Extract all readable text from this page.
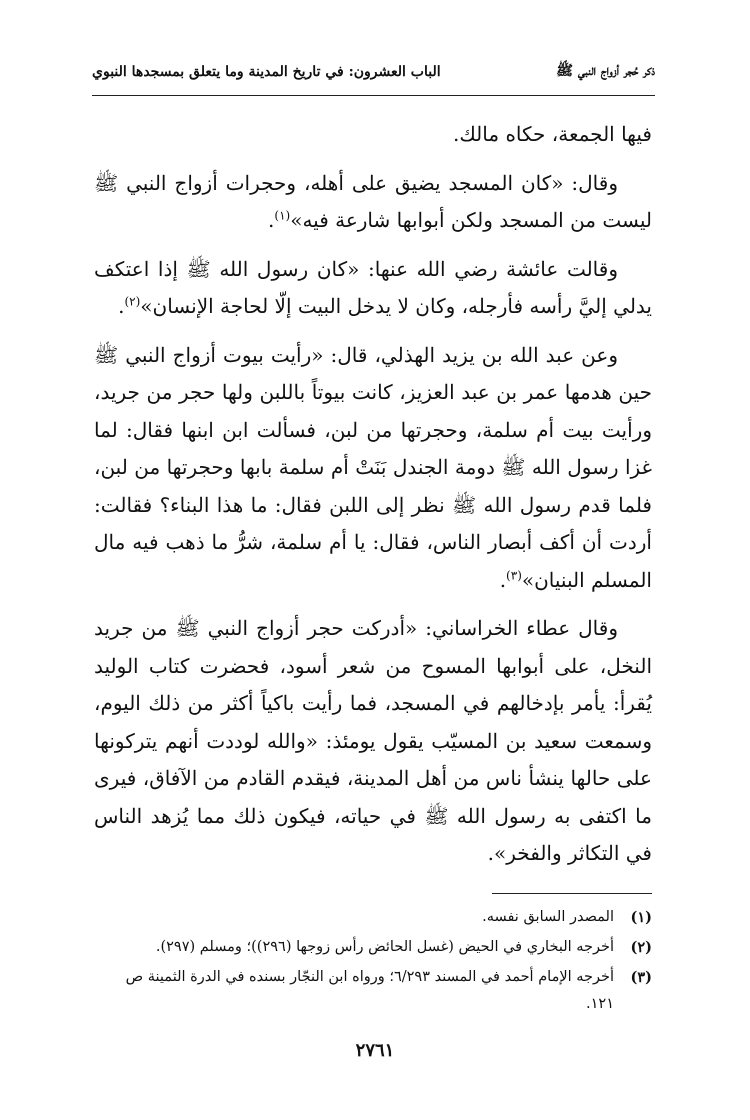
ذكر حُجر أزواج النبي ﷺ
الباب العشرون: في تاريخ المدينة وما يتعلق بمسجدها النبوي

فيها الجمعة، حكاه مالك.

وقال: «كان المسجد يضيق على أهله، وحجرات أزواج النبي ﷺ ليست من المسجد ولكن أبوابها شارعة فيه»$^{(١)}$.

وقالت عائشة رضي الله عنها: «كان رسول الله ﷺ إذا اعتكف يدلي إليَّ رأسه فأرجله، وكان لا يدخل البيت إلّا لحاجة الإنسان»$^{(٢)}$.

وعن عبد الله بن يزيد الهذلي، قال: «رأيت بيوت أزواج النبي ﷺ حين هدمها عمر بن عبد العزيز، كانت بيوتاً باللبن ولها حجر من جريد، ورأيت بيت أم سلمة، وحجرتها من لبن، فسألت ابن ابنها فقال: لما غزا رسول الله ﷺ دومة الجندل بَنَتْ أم سلمة بابها وحجرتها من لبن، فلما قدم رسول الله ﷺ نظر إلى اللبن فقال: ما هذا البناء؟ فقالت: أردت أن أكف أبصار الناس، فقال: يا أم سلمة، شرُّ ما ذهب فيه مال المسلم البنيان»$^{(٣)}$.

وقال عطاء الخراساني: «أدركت حجر أزواج النبي ﷺ من جريد النخل، على أبوابها المسوح من شعر أسود، فحضرت كتاب الوليد يُقرأ: يأمر بإدخالهم في المسجد، فما رأيت باكياً أكثر من ذلك اليوم، وسمعت سعيد بن المسيّب يقول يومئذ: «والله لوددت أنهم يتركونها على حالها ينشأ ناس من أهل المدينة، فيقدم القادم من الآفاق، فيرى ما اكتفى به رسول الله ﷺ في حياته، فيكون ذلك مما يُزهد الناس في التكاثر والفخر».

(١)
المصدر السابق نفسه.
(٢)
أخرجه البخاري في الحيض (غسل الحائض رأس زوجها (٢٩٦))؛ ومسلم (٢٩٧).
(٣)
أخرجه الإمام أحمد في المسند ٦/٢٩٣؛ ورواه ابن النجّار بسنده في الدرة الثمينة ص ١٢١.
٢٧٦١
